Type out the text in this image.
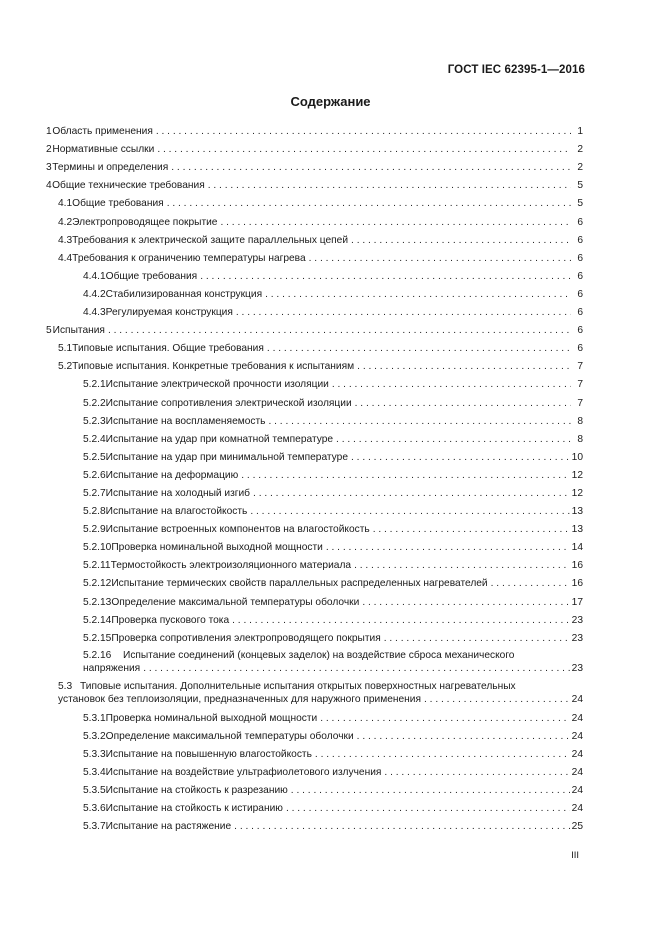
ГОСТ IEC 62395-1—2016
Содержание
1 Область применения . . .	1
2 Нормативные ссылки . . .	2
3 Термины и определения . . .	2
4 Общие технические требования . . .	5
4.1 Общие требования . . .	5
4.2 Электропроводящее покрытие . . .	6
4.3 Требования к электрической защите параллельных цепей . . .	6
4.4 Требования к ограничению температуры нагрева . . .	6
4.4.1 Общие требования . . .	6
4.4.2 Стабилизированная конструкция . . .	6
4.4.3 Регулируемая конструкция . . .	6
5 Испытания . . .	6
5.1 Типовые испытания. Общие требования . . .	6
5.2 Типовые испытания. Конкретные требования к испытаниям . . .	7
5.2.1 Испытание электрической прочности изоляции . . .	7
5.2.2 Испытание сопротивления электрической изоляции . . .	7
5.2.3 Испытание на воспламеняемость . . .	8
5.2.4 Испытание на удар при комнатной температуре . . .	8
5.2.5 Испытание на удар при минимальной температуре . . .	10
5.2.6 Испытание на деформацию . . .	12
5.2.7 Испытание на холодный изгиб . . .	12
5.2.8 Испытание на влагостойкость . . .	13
5.2.9 Испытание встроенных компонентов на влагостойкость . . .	13
5.2.10 Проверка номинальной выходной мощности . . .	14
5.2.11 Термостойкость электроизоляционного материала . . .	16
5.2.12 Испытание термических свойств параллельных распределенных нагревателей . . .	16
5.2.13 Определение максимальной температуры оболочки . . .	17
5.2.14 Проверка пускового тока . . .	23
5.2.15 Проверка сопротивления электропроводящего покрытия . . .	23
5.2.16 Испытание соединений (концевых заделок) на воздействие сброса механического
напряжения . . .	23
5.3 Типовые испытания. Дополнительные испытания открытых поверхностных нагревательных
установок без теплоизоляции, предназначенных для наружного применения . . .	24
5.3.1 Проверка номинальной выходной мощности . . .	24
5.3.2 Определение максимальной температуры оболочки . . .	24
5.3.3 Испытание на повышенную влагостойкость . . .	24
5.3.4 Испытание на воздействие ультрафиолетового излучения . . .	24
5.3.5 Испытание на стойкость к разрезанию . . .	24
5.3.6 Испытание на стойкость к истиранию . . .	24
5.3.7 Испытание на растяжение . . .	25
III
